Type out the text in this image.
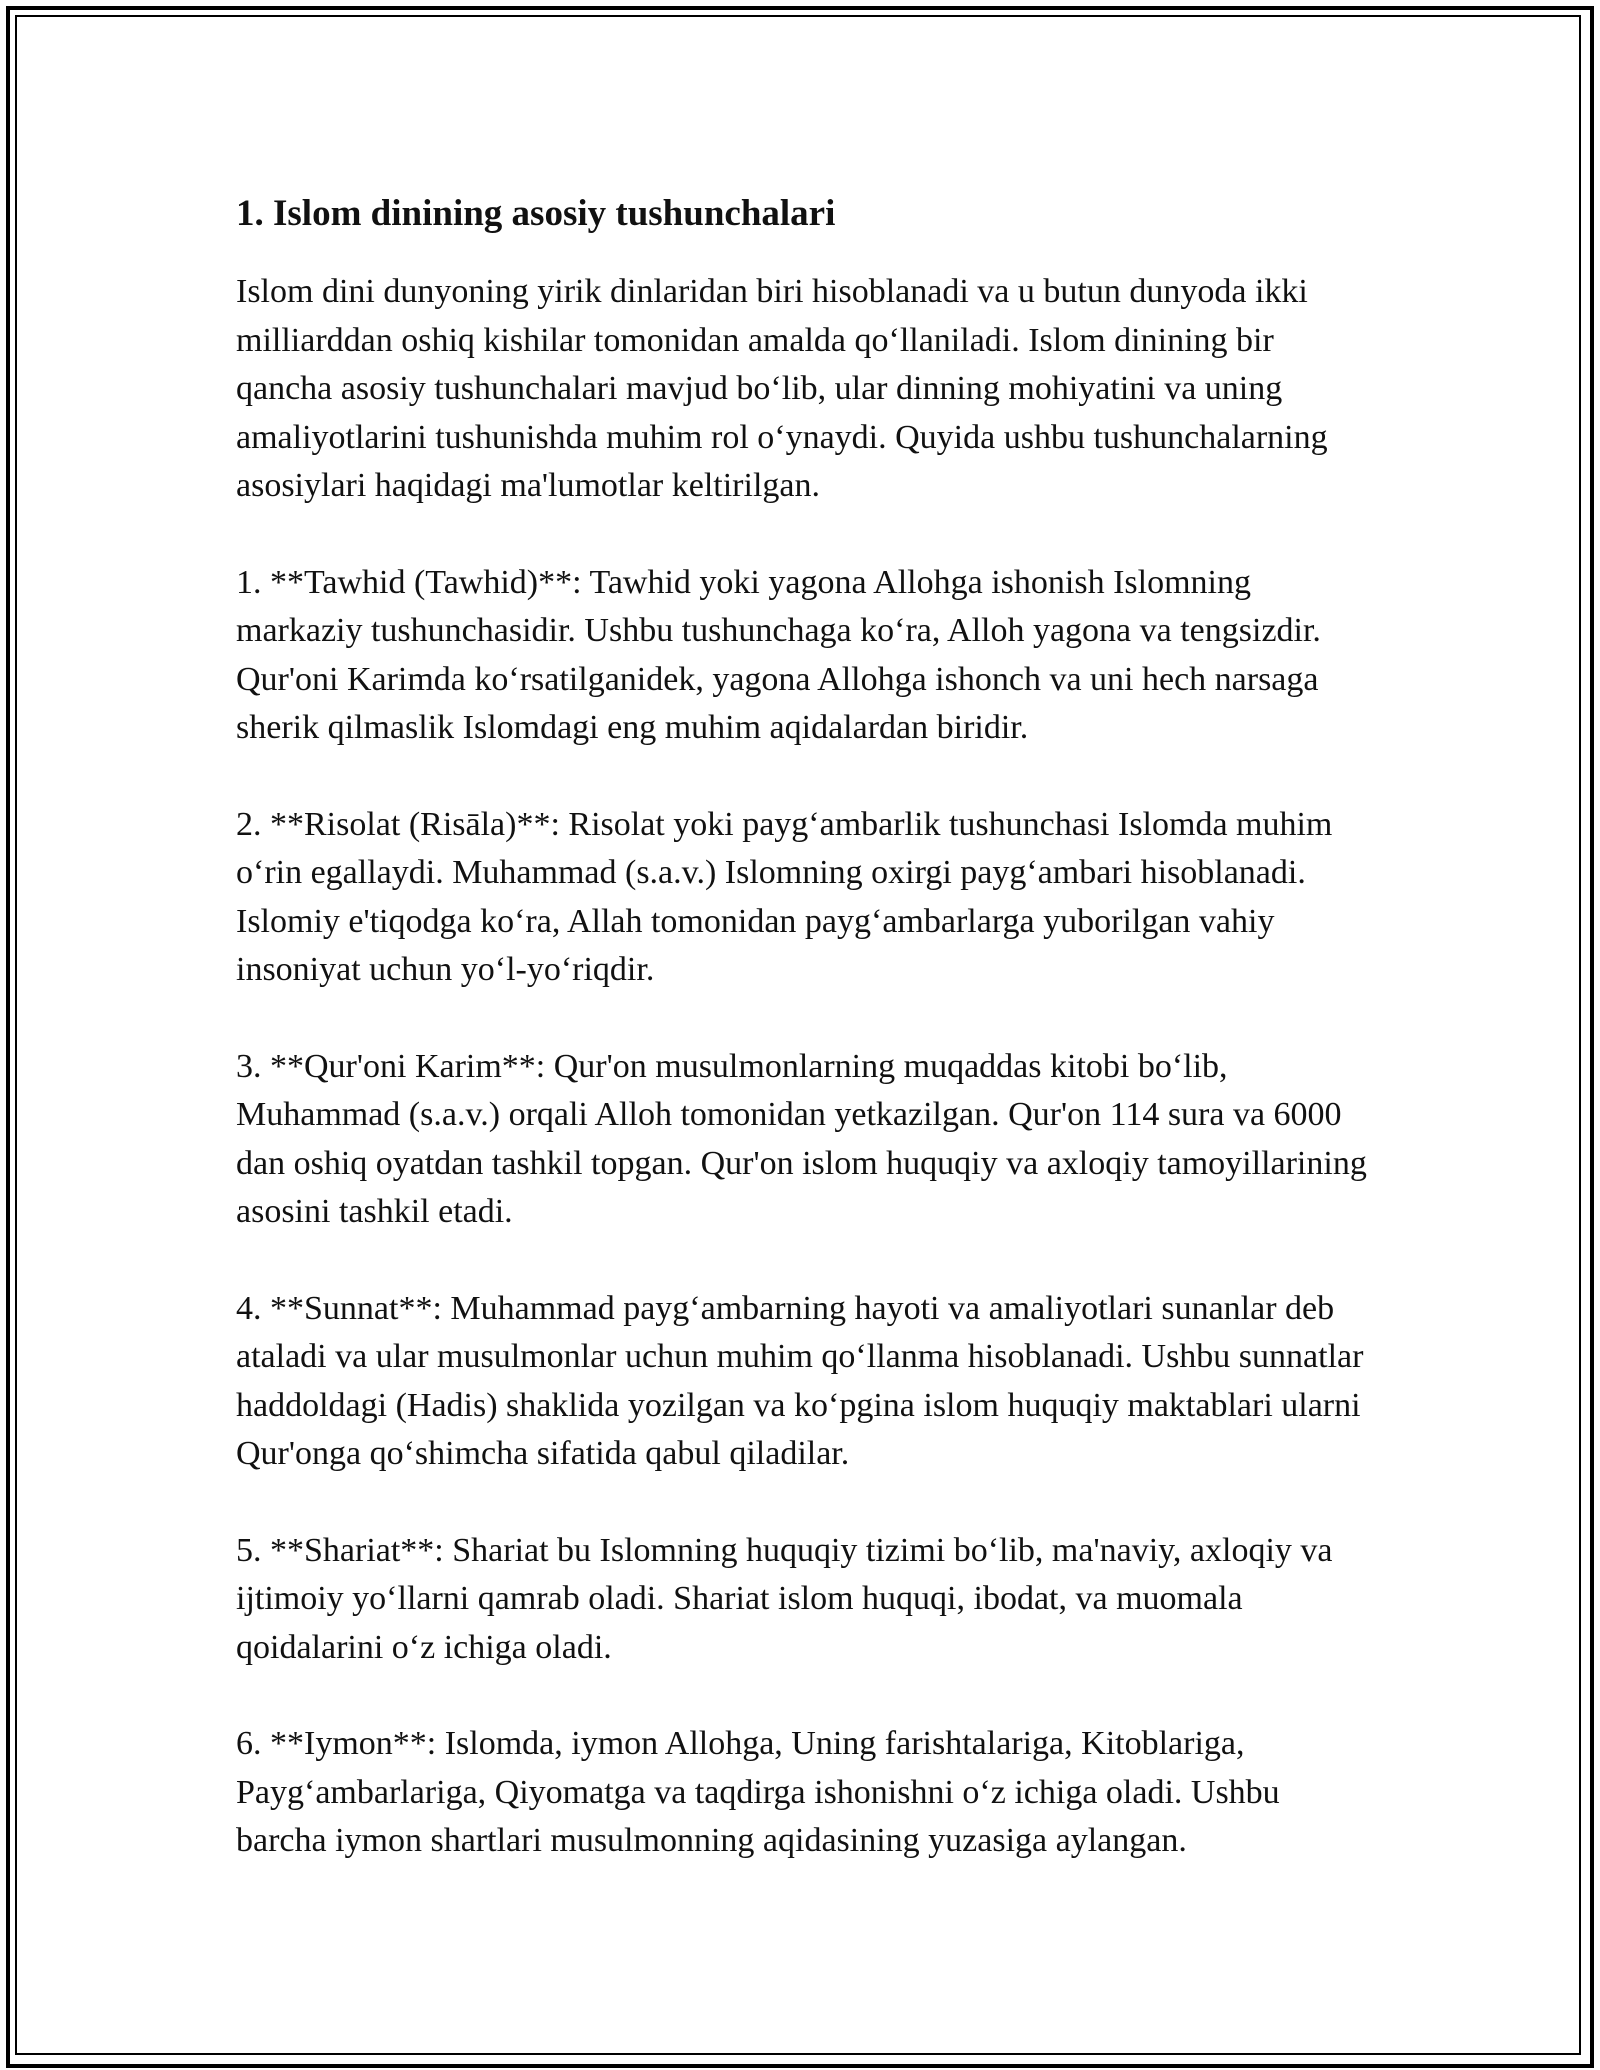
1. Islom dinining asosiy tushunchalari

Islom dini dunyoning yirik dinlaridan biri hisoblanadi va u butun dunyoda ikki milliarddan oshiq kishilar tomonidan amalda qo‘llaniladi. Islom dinining bir qancha asosiy tushunchalari mavjud bo‘lib, ular dinning mohiyatini va uning amaliyotlarini tushunishda muhim rol o‘ynaydi. Quyida ushbu tushunchalarning asosiylari haqidagi ma'lumotlar keltirilgan.

1. **Tawhid (Tawhid)**: Tawhid yoki yagona Allohga ishonish Islomning markaziy tushunchasidir. Ushbu tushunchaga ko‘ra, Alloh yagona va tengsizdir. Qur'oni Karimda ko‘rsatilganidek, yagona Allohga ishonch va uni hech narsaga sherik qilmaslik Islomdagi eng muhim aqidalardan biridir.

2. **Risolat (Risāla)**: Risolat yoki payg‘ambarlik tushunchasi Islomda muhim o‘rin egallaydi. Muhammad (s.a.v.) Islomning oxirgi payg‘ambari hisoblanadi. Islomiy e'tiqodga ko‘ra, Allah tomonidan payg‘ambarlarga yuborilgan vahiy insoniyat uchun yo‘l-yo‘riqdir.

3. **Qur'oni Karim**: Qur'on musulmonlarning muqaddas kitobi bo‘lib, Muhammad (s.a.v.) orqali Alloh tomonidan yetkazilgan. Qur'on 114 sura va 6000 dan oshiq oyatdan tashkil topgan. Qur'on islom huquqiy va axloqiy tamoyillarining asosini tashkil etadi.

4. **Sunnat**: Muhammad payg‘ambarning hayoti va amaliyotlari sunanlar deb ataladi va ular musulmonlar uchun muhim qo‘llanma hisoblanadi. Ushbu sunnatlar haddoldagi (Hadis) shaklida yozilgan va ko‘pgina islom huquqiy maktablari ularni Qur'onga qo‘shimcha sifatida qabul qiladilar.

5. **Shariat**: Shariat bu Islomning huquqiy tizimi bo‘lib, ma'naviy, axloqiy va ijtimoiy yo‘llarni qamrab oladi. Shariat islom huquqi, ibodat, va muomala qoidalarini o‘z ichiga oladi.

6. **Iymon**: Islomda, iymon Allohga, Uning farishtalariga, Kitoblariga, Payg‘ambarlariga, Qiyomatga va taqdirga ishonishni o‘z ichiga oladi. Ushbu barcha iymon shartlari musulmonning aqidasining yuzasiga aylangan.
